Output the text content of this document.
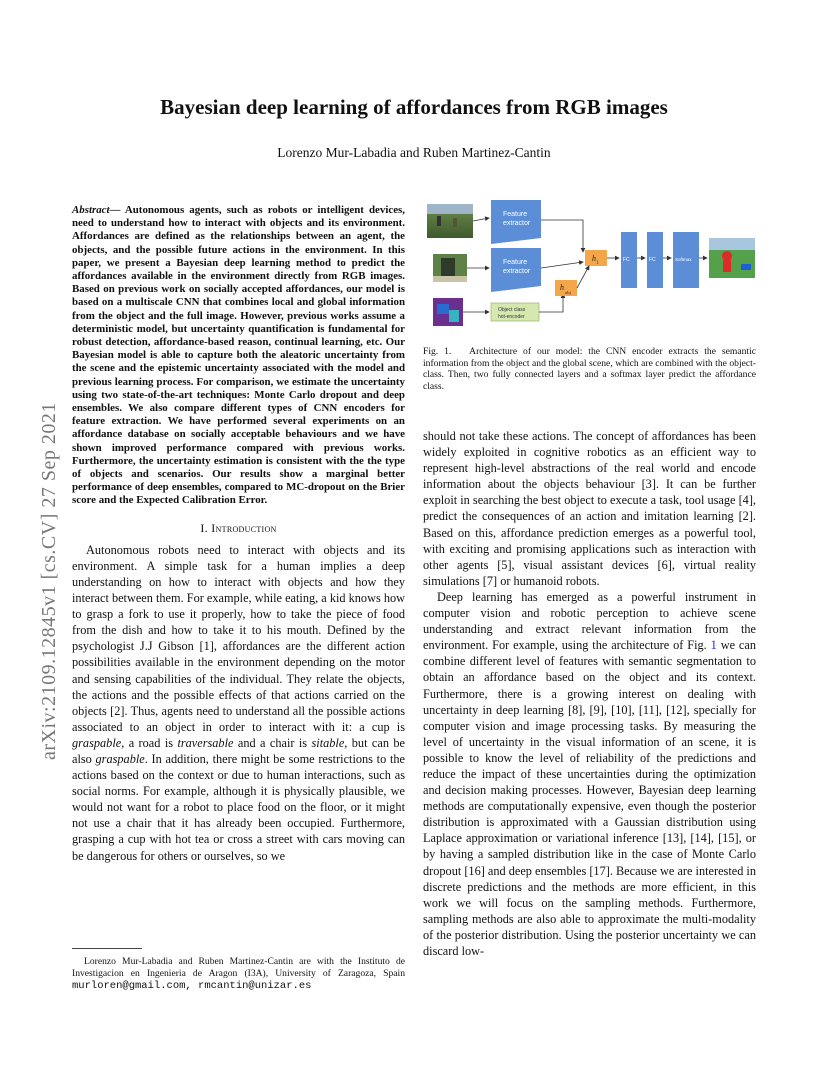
arXiv:2109.12845v1 [cs.CV] 27 Sep 2021
Bayesian deep learning of affordances from RGB images
Lorenzo Mur-Labadia and Ruben Martinez-Cantin

Abstract— Autonomous agents, such as robots or intelligent devices, need to understand how to interact with objects and its environment. Affordances are defined as the relationships between an agent, the objects, and the possible future actions in the environment. In this paper, we present a Bayesian deep learning method to predict the affordances available in the environment directly from RGB images. Based on previous work on socially accepted affordances, our model is based on a multiscale CNN that combines local and global information from the object and the full image. However, previous works assume a deterministic model, but uncertainty quantification is fundamental for robust detection, affordance-based reason, continual learning, etc. Our Bayesian model is able to capture both the aleatoric uncertainty from the scene and the epistemic uncertainty associated with the model and previous learning process. For comparison, we estimate the uncertainty using two state-of-the-art techniques: Monte Carlo dropout and deep ensembles. We also compare different types of CNN encoders for feature extraction. We have performed several experiments on an affordance database on socially acceptable behaviours and we have shown improved performance compared with previous works. Furthermore, the uncertainty estimation is consistent with the the type of objects and scenarios. Our results show a marginal better performance of deep ensembles, compared to MC-dropout on the Brier score and the Expected Calibration Error.

I. Introduction

Autonomous robots need to interact with objects and its environment. A simple task for a human implies a deep understanding on how to interact with objects and how they interact between them. For example, while eating, a kid knows how to grasp a fork to use it properly, how to take the piece of food from the dish and how to take it to his mouth. Defined by the psychologist J.J Gibson [1], affordances are the different action possibilities available in the environment depending on the motor and sensing capabilities of the individual. They relate the objects, the actions and the possible effects of that actions carried on the objects [2]. Thus, agents need to understand all the possible actions associated to an object in order to interact with it: a cup is graspable, a road is traversable and a chair is sitable, but can be also graspable. In addition, there might be some restrictions to the actions based on the context or due to human interactions, such as social norms. For example, although it is physically plausible, we would not want for a robot to place food on the floor, or it might not use a chair that it has already been occupied. Furthermore, grasping a cup with hot tea or cross a street with cars moving can be dangerous for others or ourselves, so we

Lorenzo Mur-Labadia and Ruben Martinez-Cantin are with the Instituto de Investigacion en Ingenieria de Aragon (I3A), University of Zaragoza, Spain murloren@gmail.com, rmcantin@unizar.es
Feature
extractor
Feature
extractor
Object class
hot-encoder
h
l
h
obj
FC	FC	Softmax
Fig. 1. Architecture of our model: the CNN encoder extracts the semantic information from the object and the global scene, which are combined with the object-class. Then, two fully connected layers and a softmax layer predict the affordance class.

should not take these actions. The concept of affordances has been widely exploited in cognitive robotics as an efficient way to represent high-level abstractions of the real world and encode information about the objects behaviour [3]. It can be further exploit in searching the best object to execute a task, tool usage [4], predict the consequences of an action and imitation learning [2]. Based on this, affordance prediction emerges as a powerful tool, with exciting and promising applications such as interaction with other agents [5], visual assistant devices [6], virtual reality simulations [7] or humanoid robots.

Deep learning has emerged as a powerful instrument in computer vision and robotic perception to achieve scene understanding and extract relevant information from the environment. For example, using the architecture of Fig. 1 we can combine different level of features with semantic segmentation to obtain an affordance based on the object and its context. Furthermore, there is a growing interest on dealing with uncertainty in deep learning [8], [9], [10], [11], [12], specially for computer vision and image processing tasks. By measuring the level of uncertainty in the visual information of an scene, it is possible to know the level of reliability of the predictions and reduce the impact of these uncertainties during the optimization and decision making processes. However, Bayesian deep learning methods are computationally expensive, even though the posterior distribution is approximated with a Gaussian distribution using Laplace approximation or variational inference [13], [14], [15], or by having a sampled distribution like in the case of Monte Carlo dropout [16] and deep ensembles [17]. Because we are interested in discrete predictions and the methods are more efficient, in this work we will focus on the sampling methods. Furthermore, sampling methods are also able to approximate the multi-modality of the posterior distribution. Using the posterior uncertainty we can discard low-
